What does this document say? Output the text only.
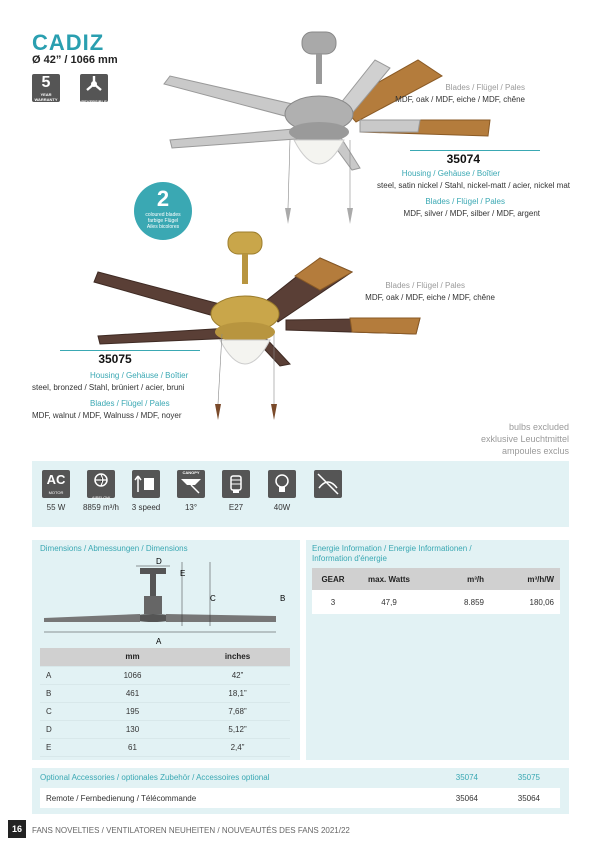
CADIZ
Ø 42” / 1066 mm
5
YEAR WARRANTY	REVERSIBLE
Blades / Flügel / Pales
MDF, oak / MDF, eiche / MDF, chêne
35074
Housing / Gehäuse / Boîtier
steel, satin nickel / Stahl, nickel-matt / acier, nickel mat
Blades / Flügel / Pales
MDF, silver / MDF, silber / MDF, argent
2
coloured blades
farbige Flügel
Ailes bicolores
Blades / Flügel / Pales
MDF, oak / MDF, eiche / MDF, chêne
35075
Housing / Gehäuse / Boîtier
steel, bronzed / Stahl, brüniert / acier, bruni
Blades / Flügel / Pales
MDF, walnut / MDF, Walnuss / MDF, noyer
bulbs excluded
exklusive Leuchtmittel
ampoules exclus
AC
MOTOR
AIRFLOW
CANOPY
55 W	8859 m³/h	3 speed	13°	E27	40W
Dimensions / Abmessungen / Dimensions
D
E
C	B
A
	mm	inches
A	1066	42”
B	461	18,1”
C	195	7,68”
D	130	5,12”
E	61	2,4”
Energie Information / Energie Informationen /
Information d'énergie
GEAR	max. Watts	m³/h	m³/h/W
3	47,9	8.859	180,06
Optional Accessories / optionales Zubehör / Accessoires optional	35074	35075
Remote / Fernbedienung / Télécommande	35064	35064
16	FANS NOVELTIES / VENTILATOREN NEUHEITEN / NOUVEAUTÉS DES FANS 2021/22
